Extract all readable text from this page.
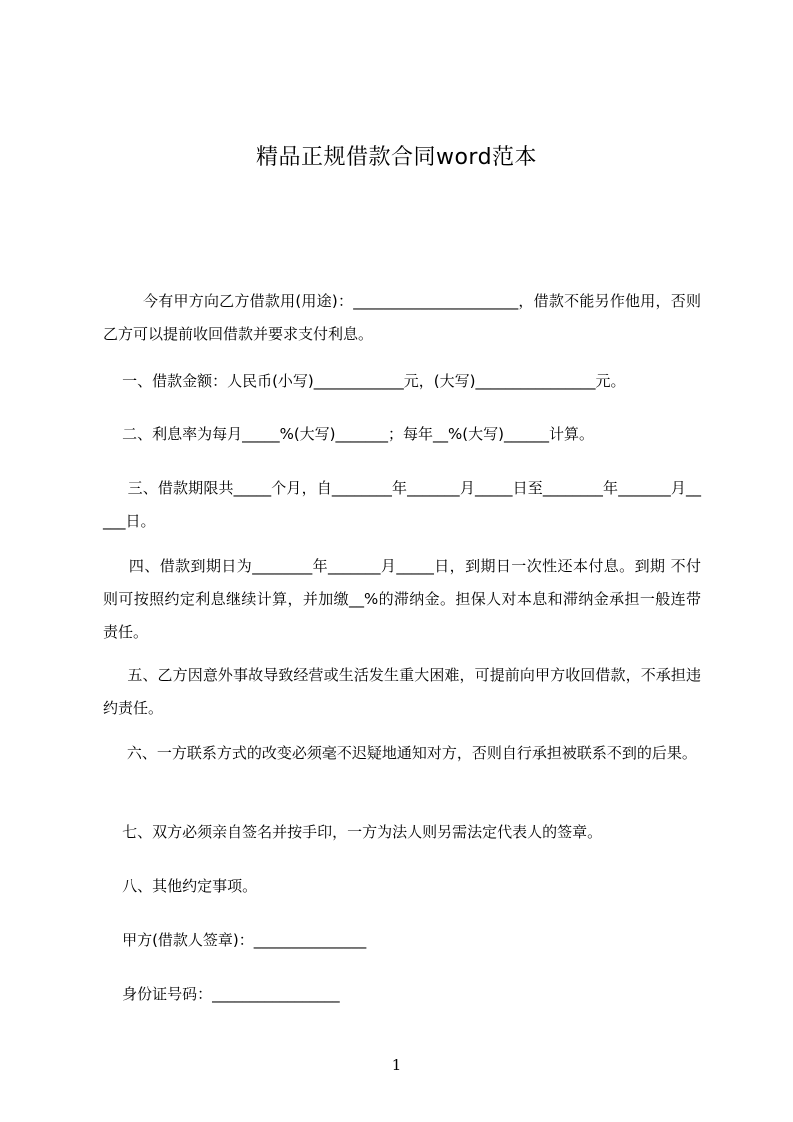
精品正规借款合同word范本
今有甲方向乙方借款用(用途)：______________________，借款不能另作他用，否则乙方可以提前收回借款并要求支付利息。
一、借款金额：人民币(小写)____________元，(大写)________________元。
二、利息率为每月_____%(大写)_______；每年__%(大写)______计算。
三、借款期限共_____个月，自________年_______月_____日至________年_______月_____日。
四、借款到期日为________年_______月_____日，到期日一次性还本付息。到期 不付则可按照约定利息继续计算，并加缴__%的滞纳金。担保人对本息和滞纳金承担一般连带责任。
五、乙方因意外事故导致经营或生活发生重大困难，可提前向甲方收回借款，不承担违约责任。
六、一方联系方式的改变必须毫不迟疑地通知对方，否则自行承担被联系不到的后果。
七、双方必须亲自签名并按手印，一方为法人则另需法定代表人的签章。
八、其他约定事项。
甲方(借款人签章)：_______________
身份证号码：_________________
1
